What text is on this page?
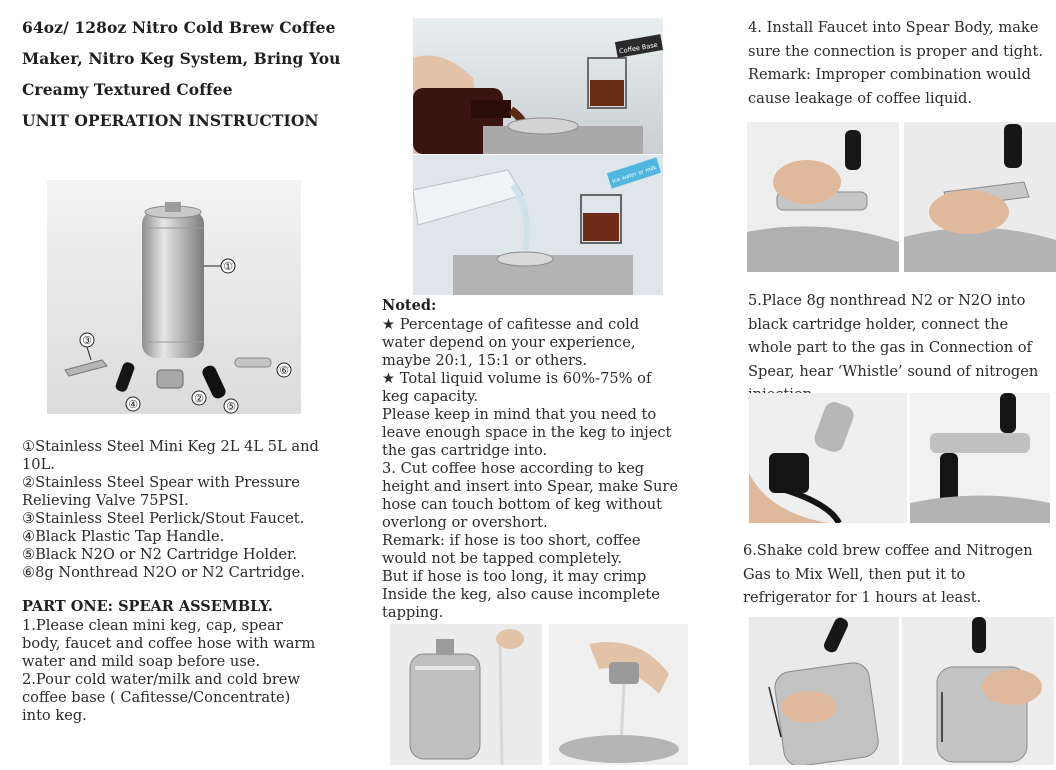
64oz/ 128oz Nitro Cold Brew Coffee
Maker, Nitro Keg System, Bring You
Creamy Textured Coffee
UNIT OPERATION INSTRUCTION
①
②
③
④	⑤
⑥

①Stainless Steel Mini Keg 2L 4L 5L and 10L.

②Stainless Steel Spear with Pressure Relieving Valve 75PSI.

③Stainless Steel Perlick/Stout Faucet.

④Black Plastic Tap Handle.

⑤Black N2O or N2 Cartridge Holder.

⑥8g Nonthread N2O or N2 Cartridge.

PART ONE: SPEAR ASSEMBLY.

1.Please clean mini keg, cap, spear body, faucet and coffee hose with warm water and mild soap before use.

2.Pour cold water/milk and cold brew coffee base ( Cafitesse/Concentrate) into keg.

Coffee Base
Ice water or milk
Noted:

★ Percentage of cafitesse and cold water depend on your experience, maybe 20:1, 15:1 or others.

★ Total liquid volume is 60%-75% of keg capacity.

Please keep in mind that you need to leave enough space in the keg to inject the gas cartridge into.

3. Cut coffee hose according to keg height and insert into Spear, make Sure hose can touch bottom of keg without overlong or overshort.

Remark: if hose is too short, coffee would not be tapped completely.

But if hose is too long, it may crimp Inside the keg, also cause incomplete tapping.

4. Install Faucet into Spear Body, make sure the connection is proper and tight.

Remark: Improper combination would cause leakage of coffee liquid.

5.Place 8g nonthread N2 or N2O into black cartridge holder, connect the whole part to the gas in Connection of Spear, hear ‘Whistle’ sound of nitrogen
6.Shake cold brew coffee and Nitrogen Gas to Mix Well, then put it to refrigerator for 1 hours at least.
